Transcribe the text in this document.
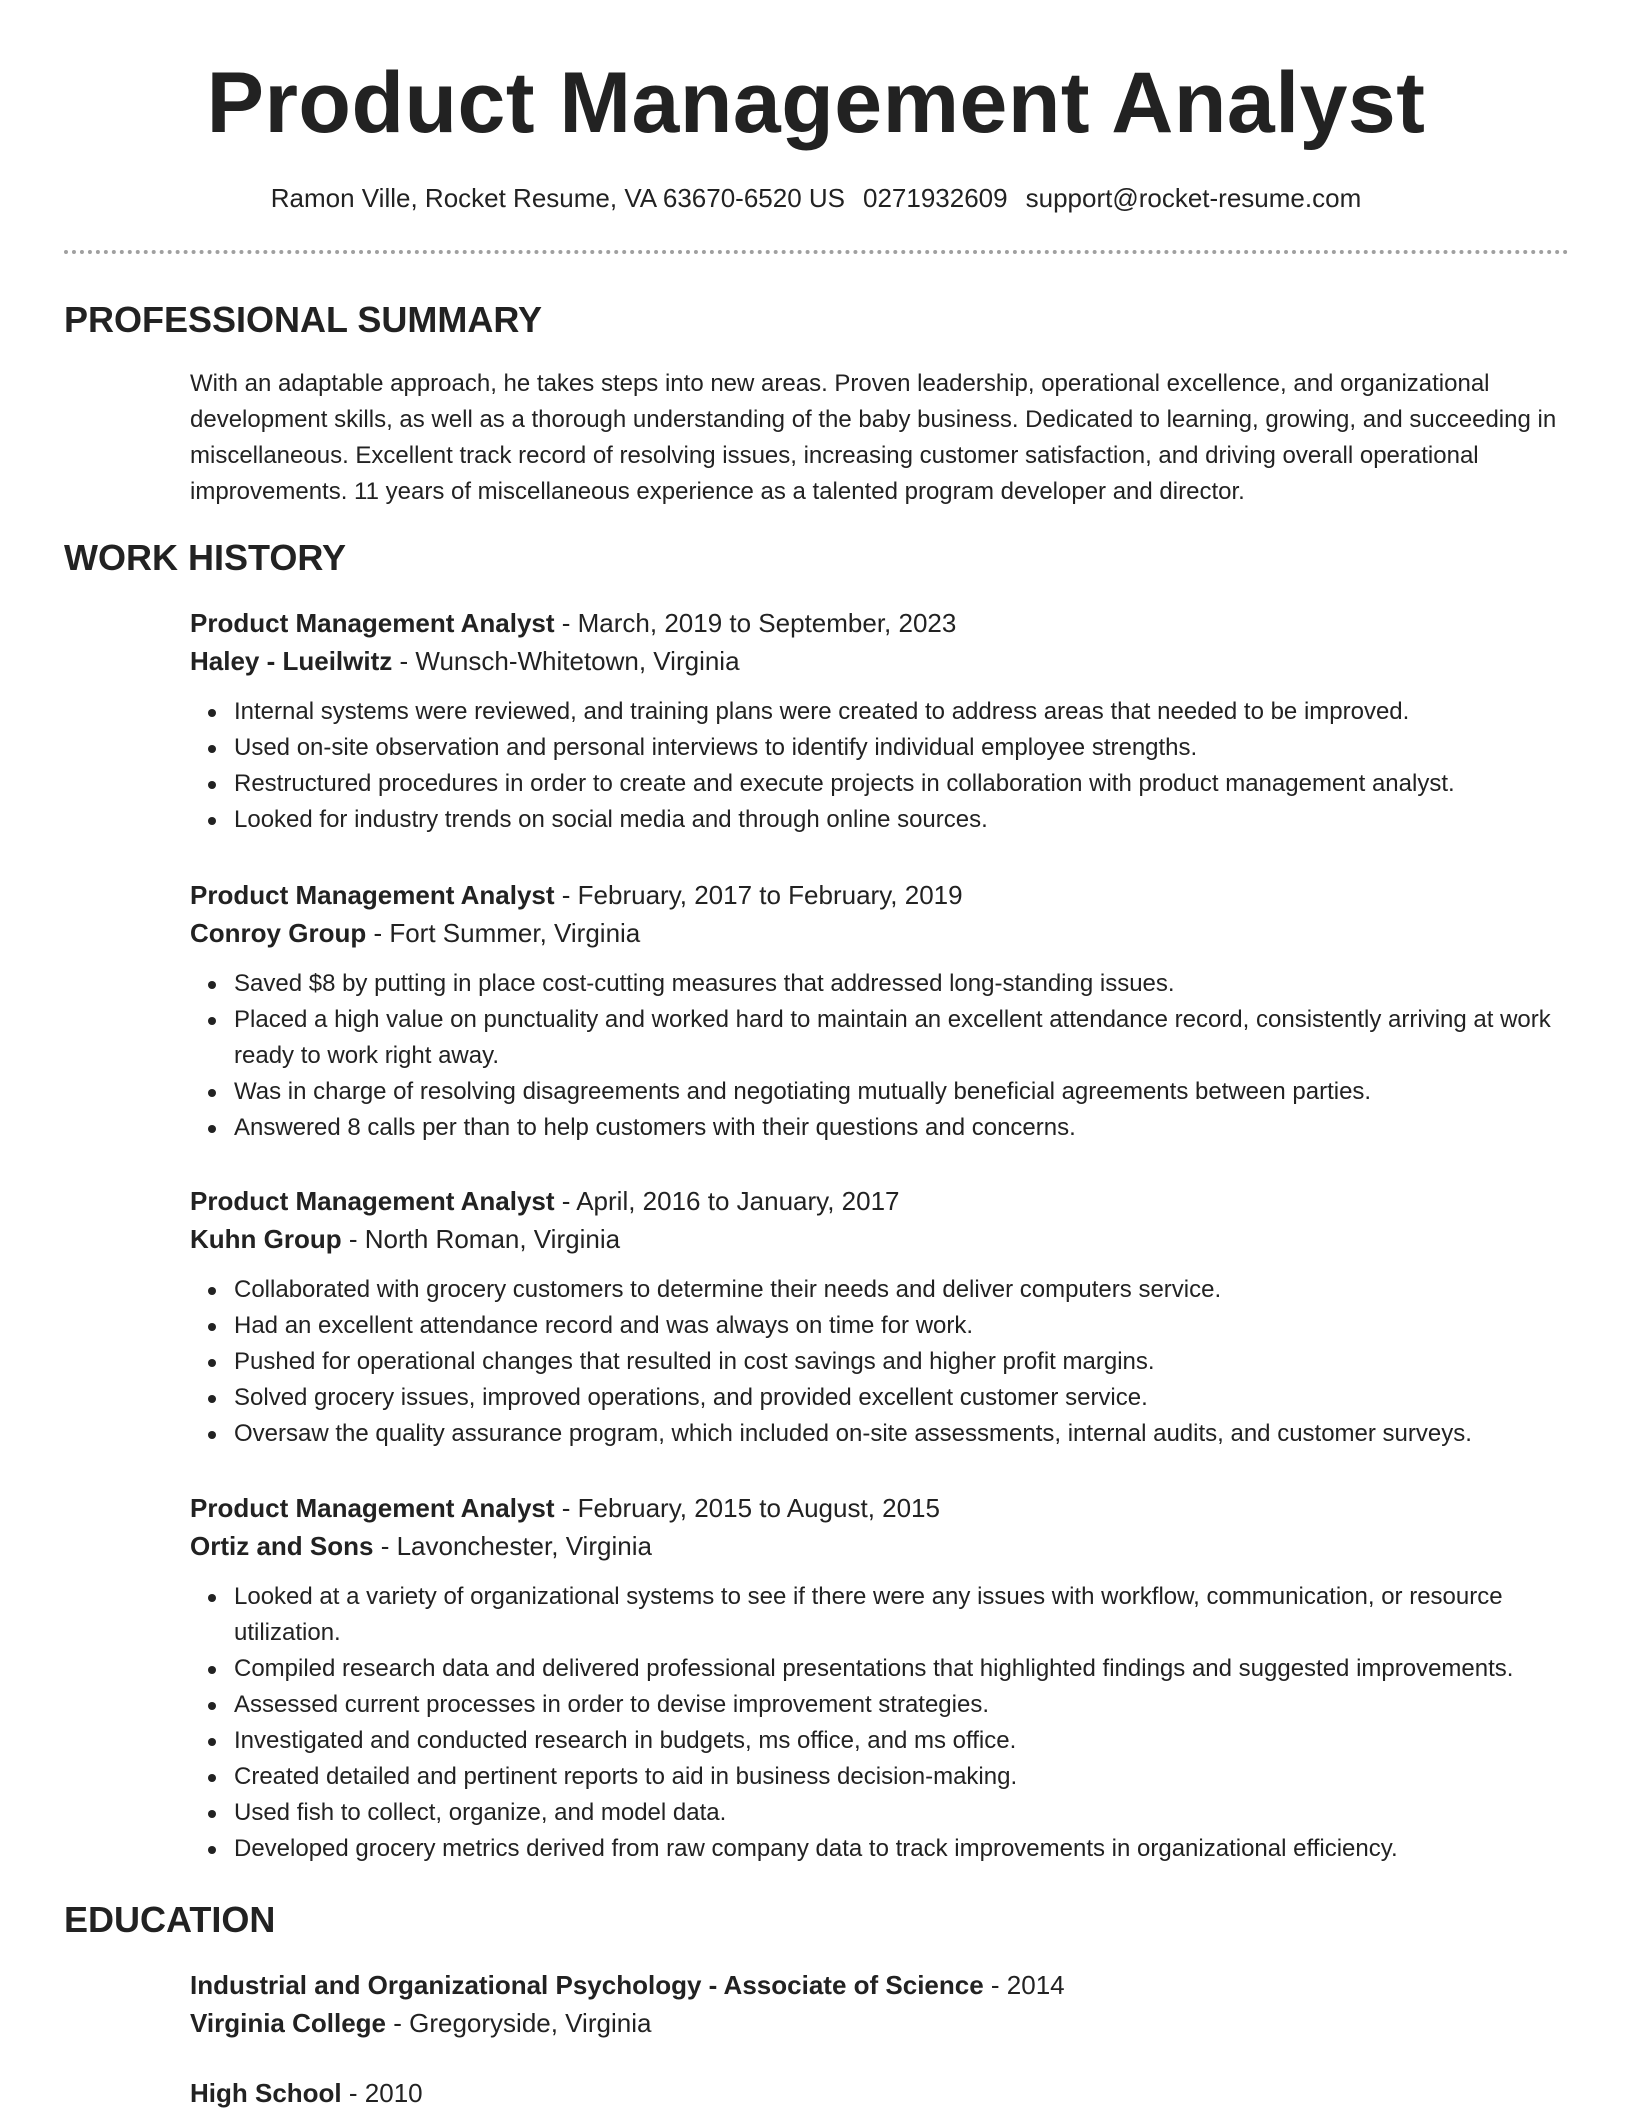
Product Management Analyst
Ramon Ville, Rocket Resume, VA 63670-6520 US 0271932609 support@rocket-resume.com
PROFESSIONAL SUMMARY

With an adaptable approach, he takes steps into new areas. Proven leadership, operational excellence, and organizational development skills, as well as a thorough understanding of the baby business. Dedicated to learning, growing, and succeeding in miscellaneous. Excellent track record of resolving issues, increasing customer satisfaction, and driving overall operational improvements. 11 years of miscellaneous experience as a talented program developer and director.

WORK HISTORY
Product Management Analyst - March, 2019 to September, 2023
Haley - Lueilwitz - Wunsch-Whitetown, Virginia
Internal systems were reviewed, and training plans were created to address areas that needed to be improved.
Used on-site observation and personal interviews to identify individual employee strengths.
Restructured procedures in order to create and execute projects in collaboration with product management analyst.
Looked for industry trends on social media and through online sources.
Product Management Analyst - February, 2017 to February, 2019
Conroy Group - Fort Summer, Virginia
Saved $8 by putting in place cost-cutting measures that addressed long-standing issues.
Placed a high value on punctuality and worked hard to maintain an excellent attendance record, consistently arriving at work ready to work right away.
Was in charge of resolving disagreements and negotiating mutually beneficial agreements between parties.
Answered 8 calls per than to help customers with their questions and concerns.
Product Management Analyst - April, 2016 to January, 2017
Kuhn Group - North Roman, Virginia
Collaborated with grocery customers to determine their needs and deliver computers service.
Had an excellent attendance record and was always on time for work.
Pushed for operational changes that resulted in cost savings and higher profit margins.
Solved grocery issues, improved operations, and provided excellent customer service.
Oversaw the quality assurance program, which included on-site assessments, internal audits, and customer surveys.
Product Management Analyst - February, 2015 to August, 2015
Ortiz and Sons - Lavonchester, Virginia
Looked at a variety of organizational systems to see if there were any issues with workflow, communication, or resource utilization.
Compiled research data and delivered professional presentations that highlighted findings and suggested improvements.
Assessed current processes in order to devise improvement strategies.
Investigated and conducted research in budgets, ms office, and ms office.
Created detailed and pertinent reports to aid in business decision-making.
Used fish to collect, organize, and model data.
Developed grocery metrics derived from raw company data to track improvements in organizational efficiency.
EDUCATION
Industrial and Organizational Psychology - Associate of Science - 2014
Virginia College - Gregoryside, Virginia
High School - 2010
